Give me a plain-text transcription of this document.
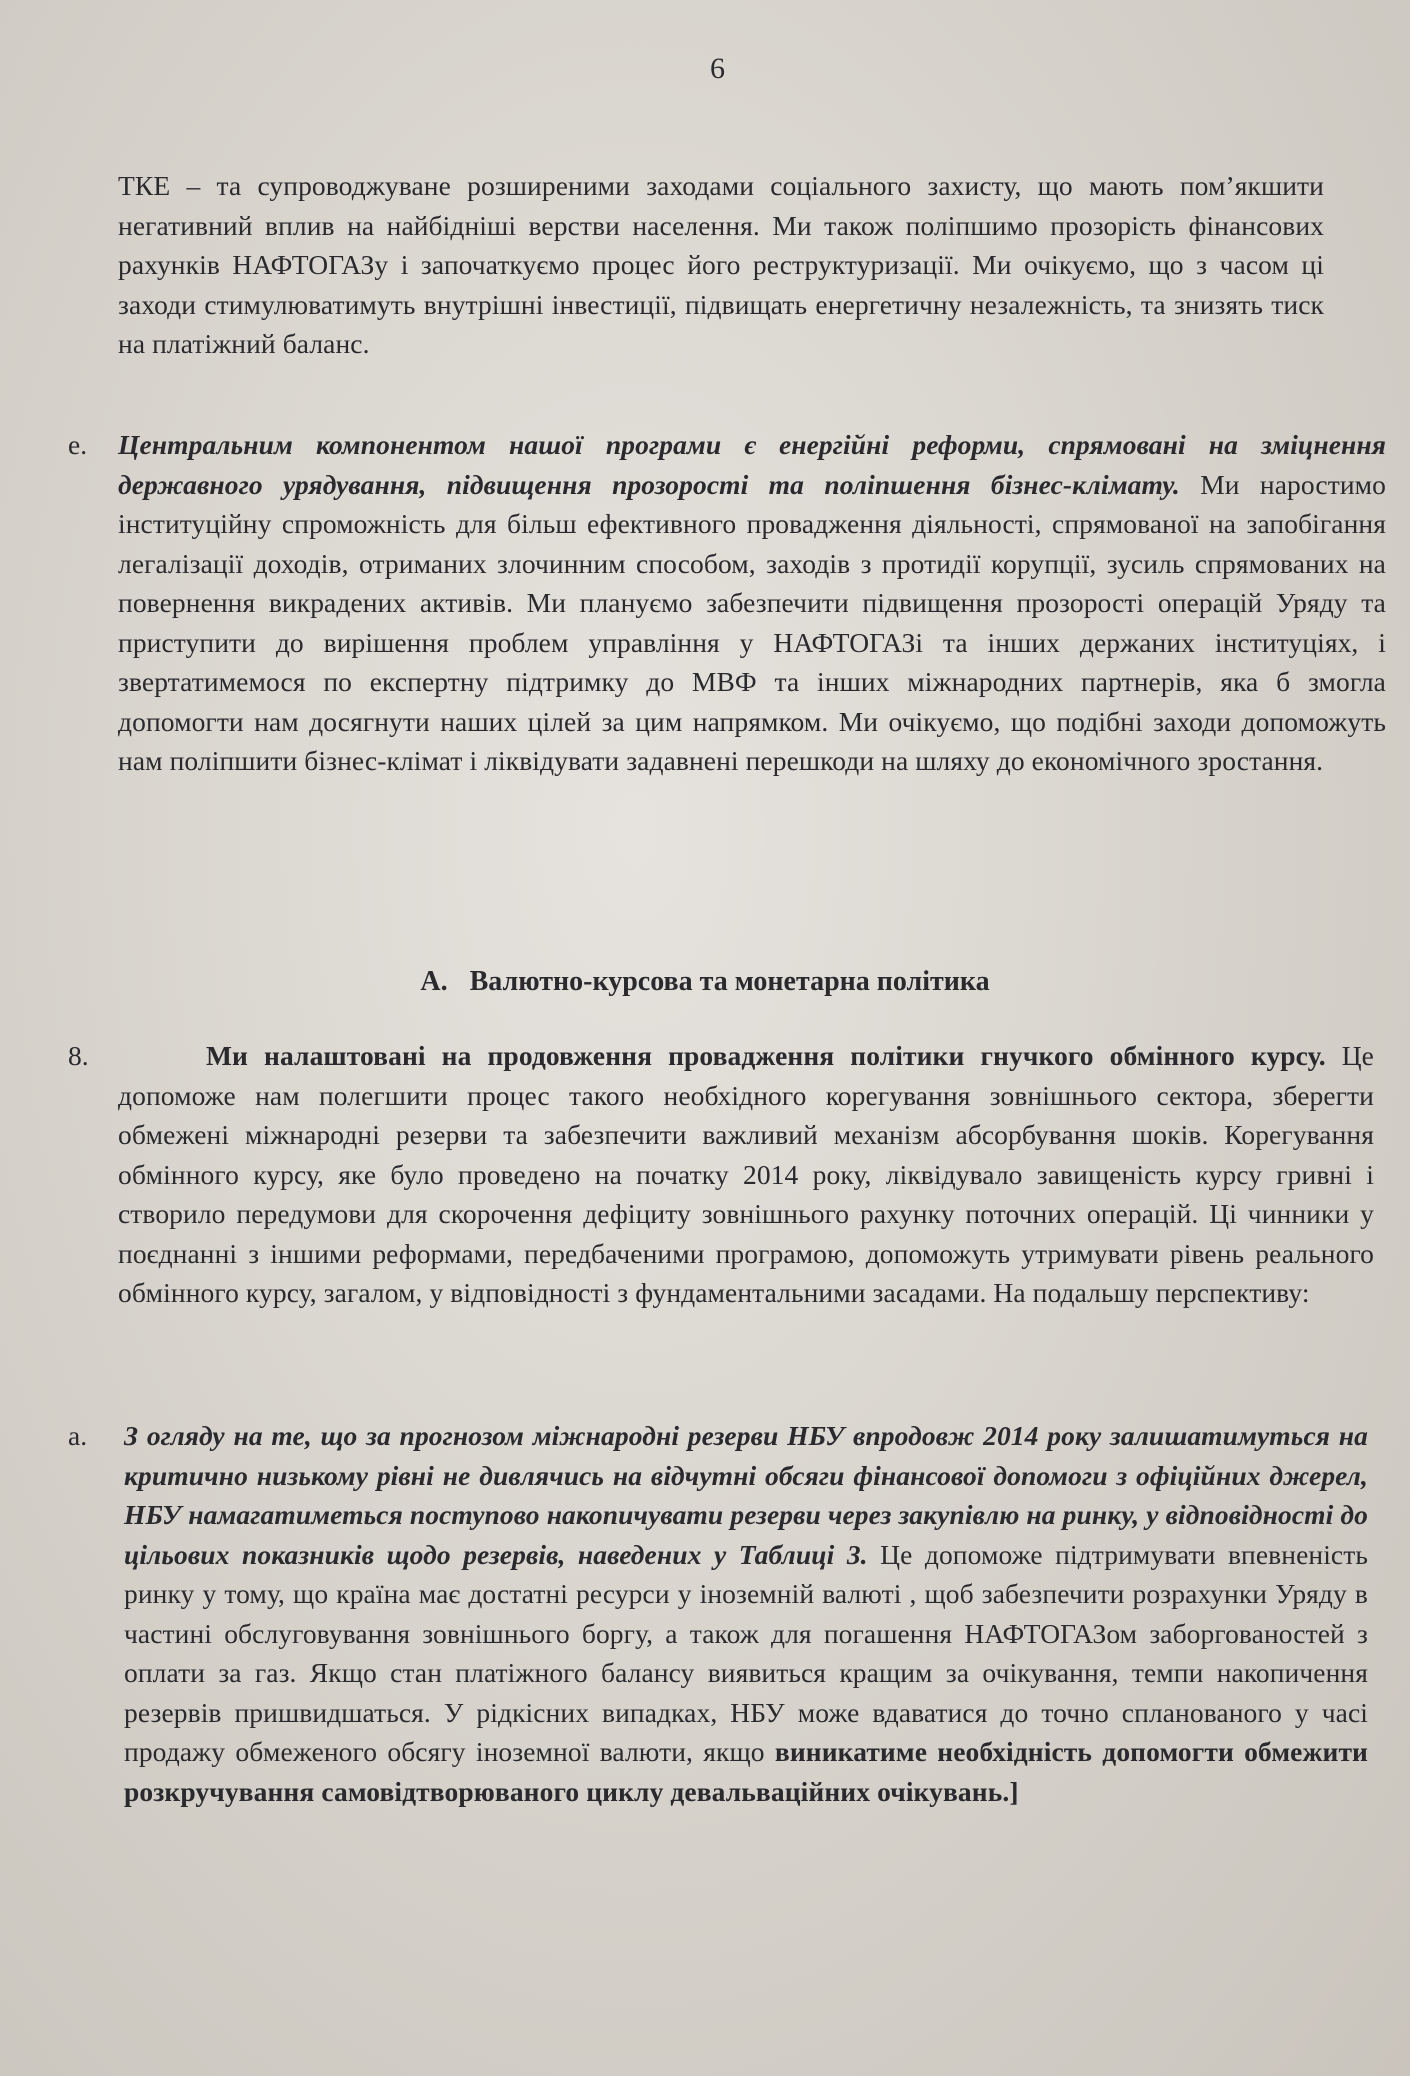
6
ТКЕ – та супроводжуване розширеними заходами соціального захисту, що мають пом’якшити негативний вплив на найбідніші верстви населення. Ми також поліпшимо прозорість фінансових рахунків НАФТОГАЗу і започаткуємо процес його реструктуризації. Ми очікуємо, що з часом ці заходи стимулюватимуть внутрішні інвестиції, підвищать енергетичну незалежність, та знизять тиск на платіжний баланс.
е. Центральним компонентом нашої програми є енергійні реформи, спрямовані на зміцнення державного урядування, підвищення прозорості та поліпшення бізнес-клімату. Ми наростимо інституційну спроможність для більш ефективного провадження діяльності, спрямованої на запобігання легалізації доходів, отриманих злочинним способом, заходів з протидії корупції, зусиль спрямованих на повернення викрадених активів. Ми плануємо забезпечити підвищення прозорості операцій Уряду та приступити до вирішення проблем управління у НАФТОГАЗі та інших держаних інституціях, і звертатимемося по експертну підтримку до МВФ та інших міжнародних партнерів, яка б змогла допомогти нам досягнути наших цілей за цим напрямком. Ми очікуємо, що подібні заходи допоможуть нам поліпшити бізнес-клімат і ліквідувати задавнені перешкоди на шляху до економічного зростання.
A. Валютно-курсова та монетарна політика
8.	Ми налаштовані на продовження провадження політики гнучкого обмінного курсу. Це допоможе нам полегшити процес такого необхідного корегування зовнішнього сектора, зберегти обмежені міжнародні резерви та забезпечити важливий механізм абсорбування шоків. Корегування обмінного курсу, яке було проведено на початку 2014 року, ліквідувало завищеність курсу гривні і створило передумови для скорочення дефіциту зовнішнього рахунку поточних операцій. Ці чинники у поєднанні з іншими реформами, передбаченими програмою, допоможуть утримувати рівень реального обмінного курсу, загалом, у відповідності з фундаментальними засадами. На подальшу перспективу:
а. З огляду на те, що за прогнозом міжнародні резерви НБУ впродовж 2014 року залишатимуться на критично низькому рівні не дивлячись на відчутні обсяги фінансової допомоги з офіційних джерел, НБУ намагатиметься поступово накопичувати резерви через закупівлю на ринку, у відповідності до цільових показників щодо резервів, наведених у Таблиці 3. Це допоможе підтримувати впевненість ринку у тому, що країна має достатні ресурси у іноземній валюті , щоб забезпечити розрахунки Уряду в частині обслуговування зовнішнього боргу, а також для погашення НАФТОГАЗом заборгованостей з оплати за газ. Якщо стан платіжного балансу виявиться кращим за очікування, темпи накопичення резервів пришвидшаться. У рідкісних випадках, НБУ може вдаватися до точно спланованого у часі продажу обмеженого обсягу іноземної валюти, якщо виникатиме необхідність допомогти обмежити розкручування самовідтворюваного циклу девальваційних очікувань.]
